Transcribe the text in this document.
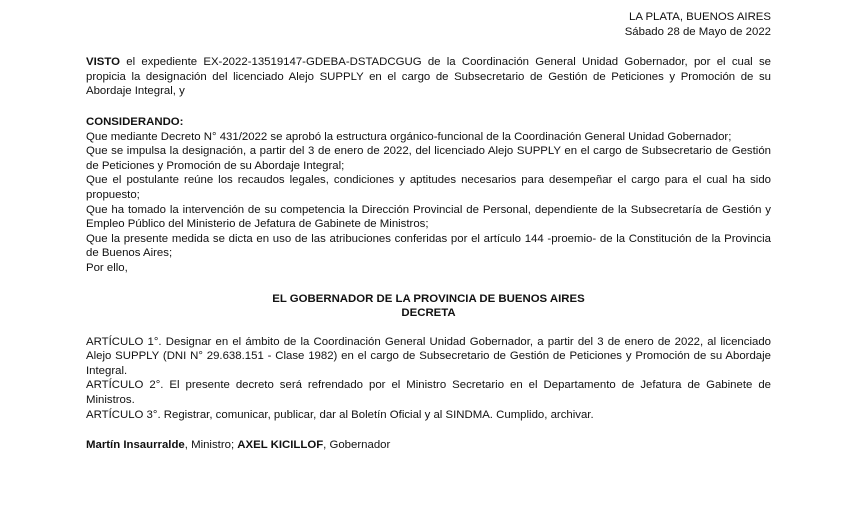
LA PLATA, BUENOS AIRES
Sábado 28 de Mayo de 2022

VISTO el expediente EX-2022-13519147-GDEBA-DSTADCGUG de la Coordinación General Unidad Gobernador, por el cual se propicia la designación del licenciado Alejo SUPPLY en el cargo de Subsecretario de Gestión de Peticiones y Promoción de su Abordaje Integral, y

CONSIDERANDO:

Que mediante Decreto N° 431/2022 se aprobó la estructura orgánico-funcional de la Coordinación General Unidad Gobernador;

Que se impulsa la designación, a partir del 3 de enero de 2022, del licenciado Alejo SUPPLY en el cargo de Subsecretario de Gestión de Peticiones y Promoción de su Abordaje Integral;

Que el postulante reúne los recaudos legales, condiciones y aptitudes necesarios para desempeñar el cargo para el cual ha sido propuesto;

Que ha tomado la intervención de su competencia la Dirección Provincial de Personal, dependiente de la Subsecretaría de Gestión y Empleo Público del Ministerio de Jefatura de Gabinete de Ministros;

Que la presente medida se dicta en uso de las atribuciones conferidas por el artículo 144 -proemio- de la Constitución de la Provincia de Buenos Aires;

Por ello,

EL GOBERNADOR DE LA PROVINCIA DE BUENOS AIRES
DECRETA

ARTÍCULO 1°. Designar en el ámbito de la Coordinación General Unidad Gobernador, a partir del 3 de enero de 2022, al licenciado Alejo SUPPLY (DNI N° 29.638.151 - Clase 1982) en el cargo de Subsecretario de Gestión de Peticiones y Promoción de su Abordaje Integral.

ARTÍCULO 2°. El presente decreto será refrendado por el Ministro Secretario en el Departamento de Jefatura de Gabinete de Ministros.

ARTÍCULO 3°. Registrar, comunicar, publicar, dar al Boletín Oficial y al SINDMA. Cumplido, archivar.

Martín Insaurralde, Ministro; AXEL KICILLOF, Gobernador
